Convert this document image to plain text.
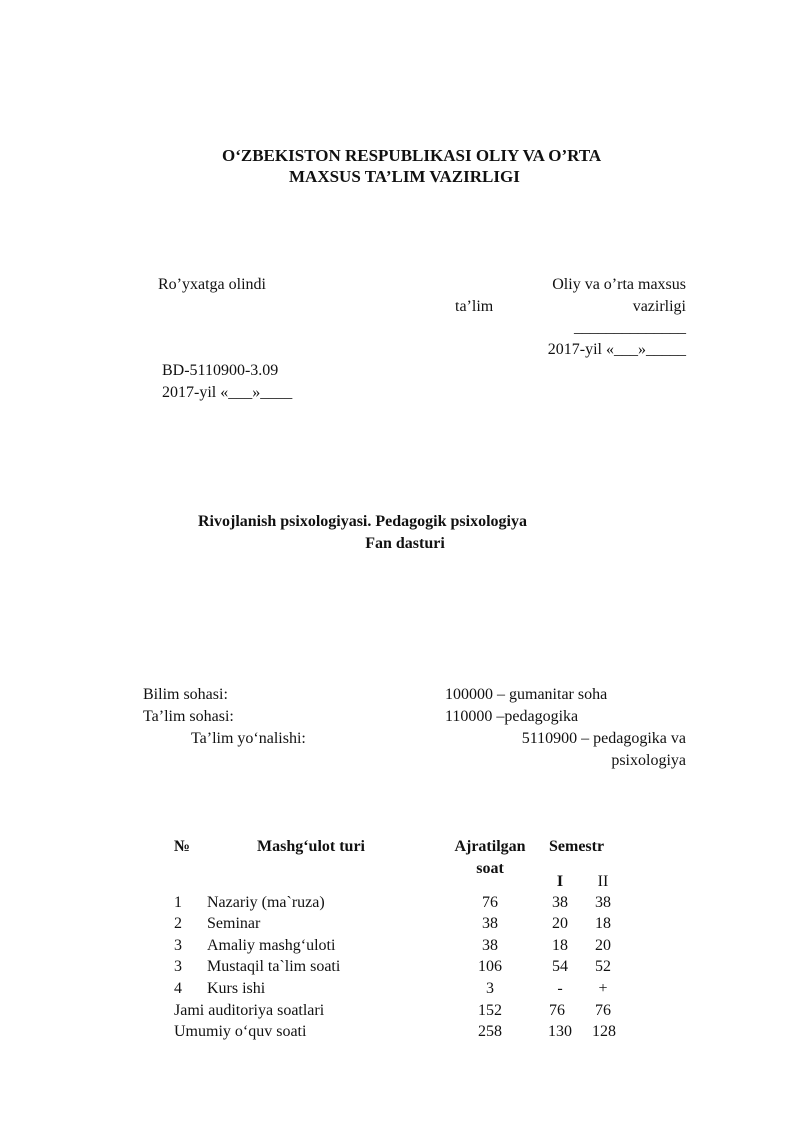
O‘ZBEKISTON RESPUBLIKASI OLIY VA O’RTA
MAXSUS TA’LIM VAZIRLIGI
Ro’yxatga olindi	Oliy va o’rta maxsus
ta’lim	vazirligi
______________
2017-yil «___»_____
BD-5110900-3.09
2017-yil «___»____
Rivojlanish psixologiyasi. Pedagogik psixologiya
Fan dasturi
Bilim sohasi:	100000 – gumanitar soha
Ta’lim sohasi:	110000 –pedagogika
Ta’lim yo‘nalishi:	5110900 – pedagogika va
psixologiya
№	Mashg‘ulot turi	Ajratilgan
soat
Semestr
I	II
1 Nazariy (ma`ruza)	76	38	38
2 Seminar	38	20	18
3 Amaliy mashg‘uloti	38	18	20
3 Mustaqil ta`lim soati	106	54	52
4 Kurs ishi	3	-	+
Jami auditoriya soatlari	152	76	76
Umumiy o‘quv soati	258	130	128
